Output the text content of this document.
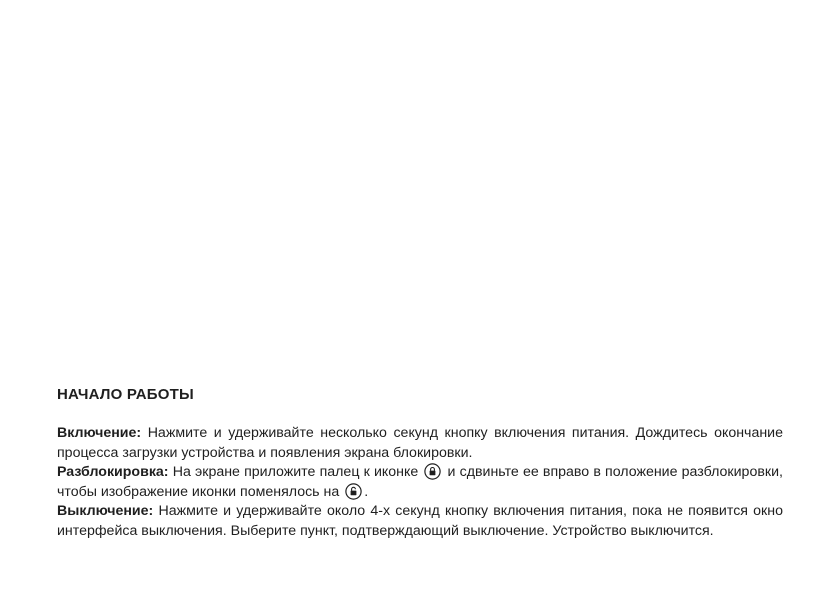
НАЧАЛО РАБОТЫ

Включение: Нажмите и удерживайте несколько секунд кнопку включения питания. Дождитесь окончание процесса загрузки устройства и появления экрана блокировки.

Разблокировка: На экране приложите палец к иконке и сдвиньте ее вправо в положение разблокировки, чтобы изображение иконки поменялось на .

Выключение: Нажмите и удерживайте около 4-х секунд кнопку включения питания, пока не появится окно интерфейса выключения. Выберите пункт, подтверждающий выключение. Устройство выключится.
